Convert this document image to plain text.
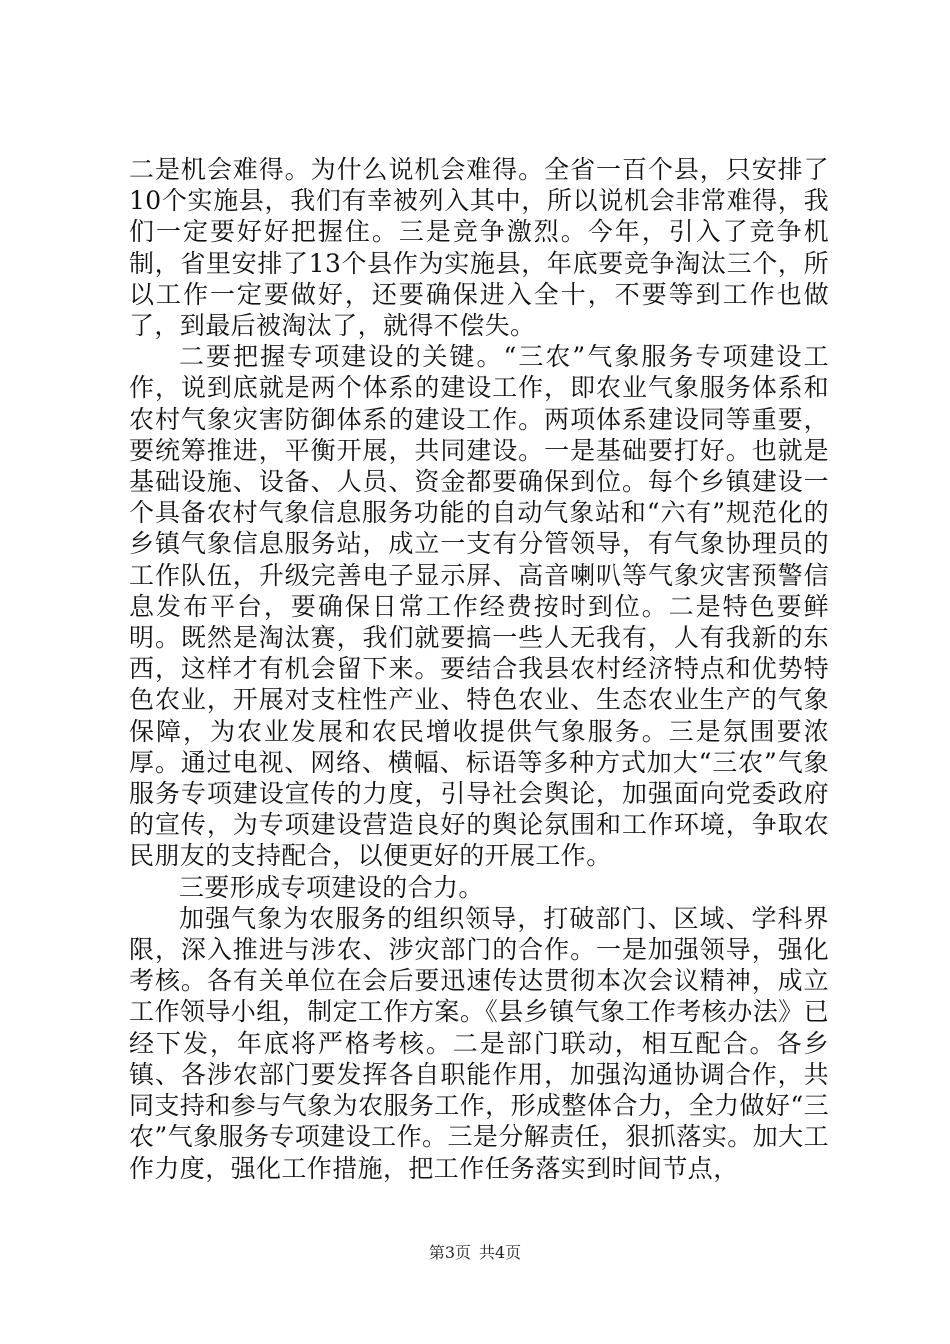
二是机会难得。为什么说机会难得。全省一百个县，只安排了10个实施县，我们有幸被列入其中，所以说机会非常难得，我们一定要好好把握住。三是竞争激烈。今年，引入了竞争机制，省里安排了13个县作为实施县，年底要竞争淘汰三个，所以工作一定要做好，还要确保进入全十，不要等到工作也做了，到最后被淘汰了，就得不偿失。

二要把握专项建设的关键。“三农”气象服务专项建设工作，说到底就是两个体系的建设工作，即农业气象服务体系和农村气象灾害防御体系的建设工作。两项体系建设同等重要，要统筹推进，平衡开展，共同建设。一是基础要打好。也就是基础设施、设备、人员、资金都要确保到位。每个乡镇建设一个具备农村气象信息服务功能的自动气象站和“六有”规范化的乡镇气象信息服务站，成立一支有分管领导，有气象协理员的工作队伍，升级完善电子显示屏、高音喇叭等气象灾害预警信息发布平台，要确保日常工作经费按时到位。二是特色要鲜明。既然是淘汰赛，我们就要搞一些人无我有，人有我新的东西，这样才有机会留下来。要结合我县农村经济特点和优势特色农业，开展对支柱性产业、特色农业、生态农业生产的气象保障，为农业发展和农民增收提供气象服务。三是氛围要浓厚。通过电视、网络、横幅、标语等多种方式加大“三农”气象服务专项建设宣传的力度，引导社会舆论，加强面向党委政府的宣传，为专项建设营造良好的舆论氛围和工作环境，争取农民朋友的支持配合，以便更好的开展工作。

三要形成专项建设的合力。

加强气象为农服务的组织领导，打破部门、区域、学科界限，深入推进与涉农、涉灾部门的合作。一是加强领导，强化考核。各有关单位在会后要迅速传达贯彻本次会议精神，成立工作领导小组，制定工作方案。《县乡镇气象工作考核办法》已经下发，年底将严格考核。二是部门联动，相互配合。各乡镇、各涉农部门要发挥各自职能作用，加强沟通协调合作，共同支持和参与气象为农服务工作，形成整体合力，全力做好“三农”气象服务专项建设工作。三是分解责任，狠抓落实。加大工作力度，强化工作措施，把工作任务落实到时间节点，

第3页 共4页
